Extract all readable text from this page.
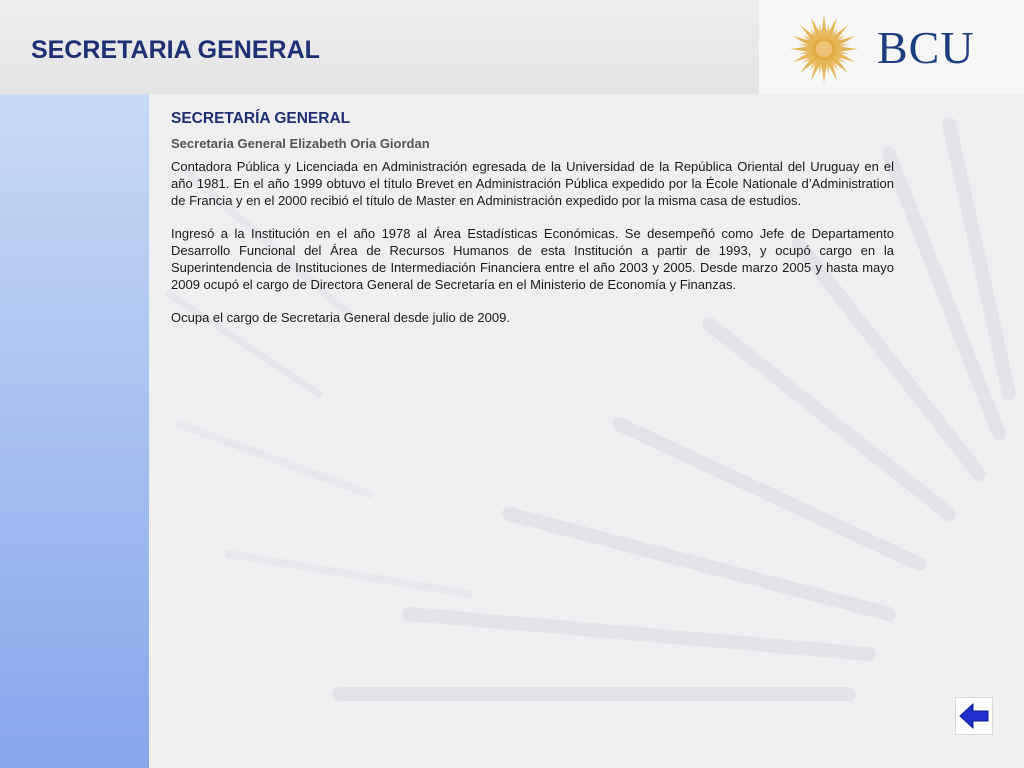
SECRETARIA GENERAL	BCU
SECRETARÍA GENERAL

Secretaria General Elizabeth Oria Giordan

Contadora Pública y Licenciada en Administración egresada de la Universidad de la República Oriental del Uruguay en el año 1981. En el año 1999 obtuvo el título Brevet en Administración Pública expedido por la École Nationale d’Administration de Francia y en el 2000 recibió el título de Master en Administración expedido por la misma casa de estudios.

Ingresó a la Institución en el año 1978 al Área Estadísticas Económicas. Se desempeñó como Jefe de Departamento Desarrollo Funcional del Área de Recursos Humanos de esta Institución a partir de 1993, y ocupó cargo en la Superintendencia de Instituciones de Intermediación Financiera entre el año 2003 y 2005. Desde marzo 2005 y hasta mayo 2009 ocupó el cargo de Directora General de Secretaría en el Ministerio de Economía y Finanzas.

Ocupa el cargo de Secretaria General desde julio de 2009.
